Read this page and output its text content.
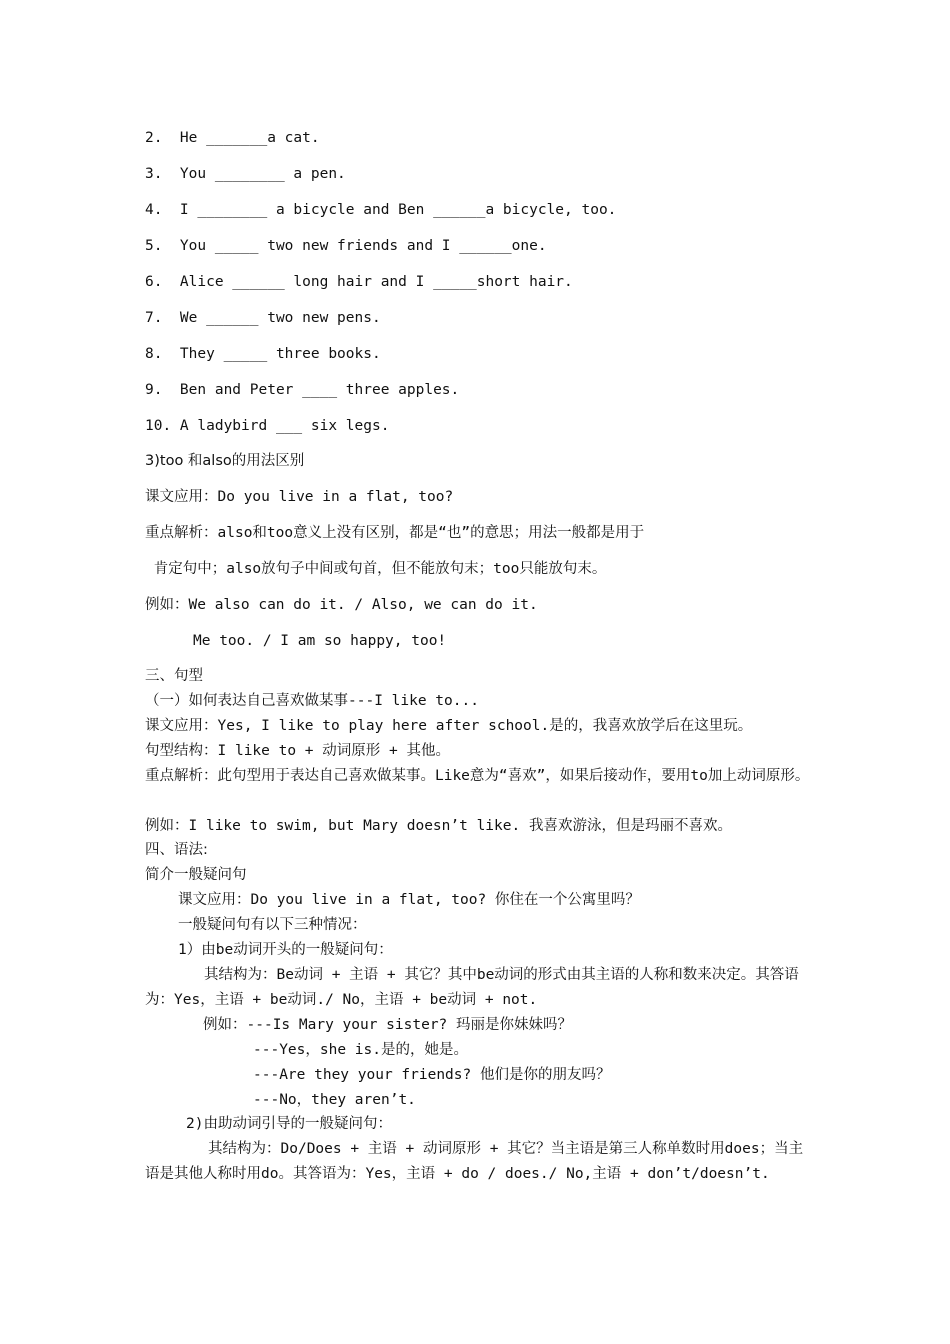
2.  He _______a cat.
3.  You ________ a pen.
4.  I ________ a bicycle and Ben ______a bicycle, too.
5.  You _____ two new friends and I ______one.
6.  Alice ______ long hair and I _____short hair.
7.  We ______ two new pens.
8.  They _____ three books.
9.  Ben and Peter ____ three apples.
10. A ladybird ___ six legs.
3)too 和also的用法区别
课文应用：Do you live in a flat, too?
重点解析：also和too意义上没有区别，都是“也”的意思；用法一般都是用于
肯定句中；also放句子中间或句首，但不能放句末；too只能放句末。
例如：We also can do it. / Also, we can do it.
Me too. / I am so happy, too!
三、句型
（一）如何表达自己喜欢做某事---I like to...
课文应用：Yes, I like to play here after school.是的，我喜欢放学后在这里玩。
句型结构：I like to + 动词原形 + 其他。
重点解析：此句型用于表达自己喜欢做某事。Like意为“喜欢”，如果后接动作，要用to加上动词原形。
例如：I like to swim, but Mary doesn’t like. 我喜欢游泳，但是玛丽不喜欢。
四、语法:
简介一般疑问句
课文应用：Do you live in a flat, too? 你住在一个公寓里吗？
一般疑问句有以下三种情况：
1）由be动词开头的一般疑问句：
其结构为：Be动词 + 主语 + 其它？其中be动词的形式由其主语的人称和数来决定。其答语为：Yes，主语 + be动词./ No，主语 + be动词 + not.
例如：---Is Mary your sister? 玛丽是你妹妹吗？
---Yes，she is.是的，她是。
---Are they your friends? 他们是你的朋友吗？
---No，they aren’t.
2)由助动词引导的一般疑问句：
其结构为：Do/Does + 主语 + 动词原形 + 其它？当主语是第三人称单数时用does；当主语是其他人称时用do。其答语为：Yes，主语 + do / does./ No,主语 + don’t/doesn’t.
